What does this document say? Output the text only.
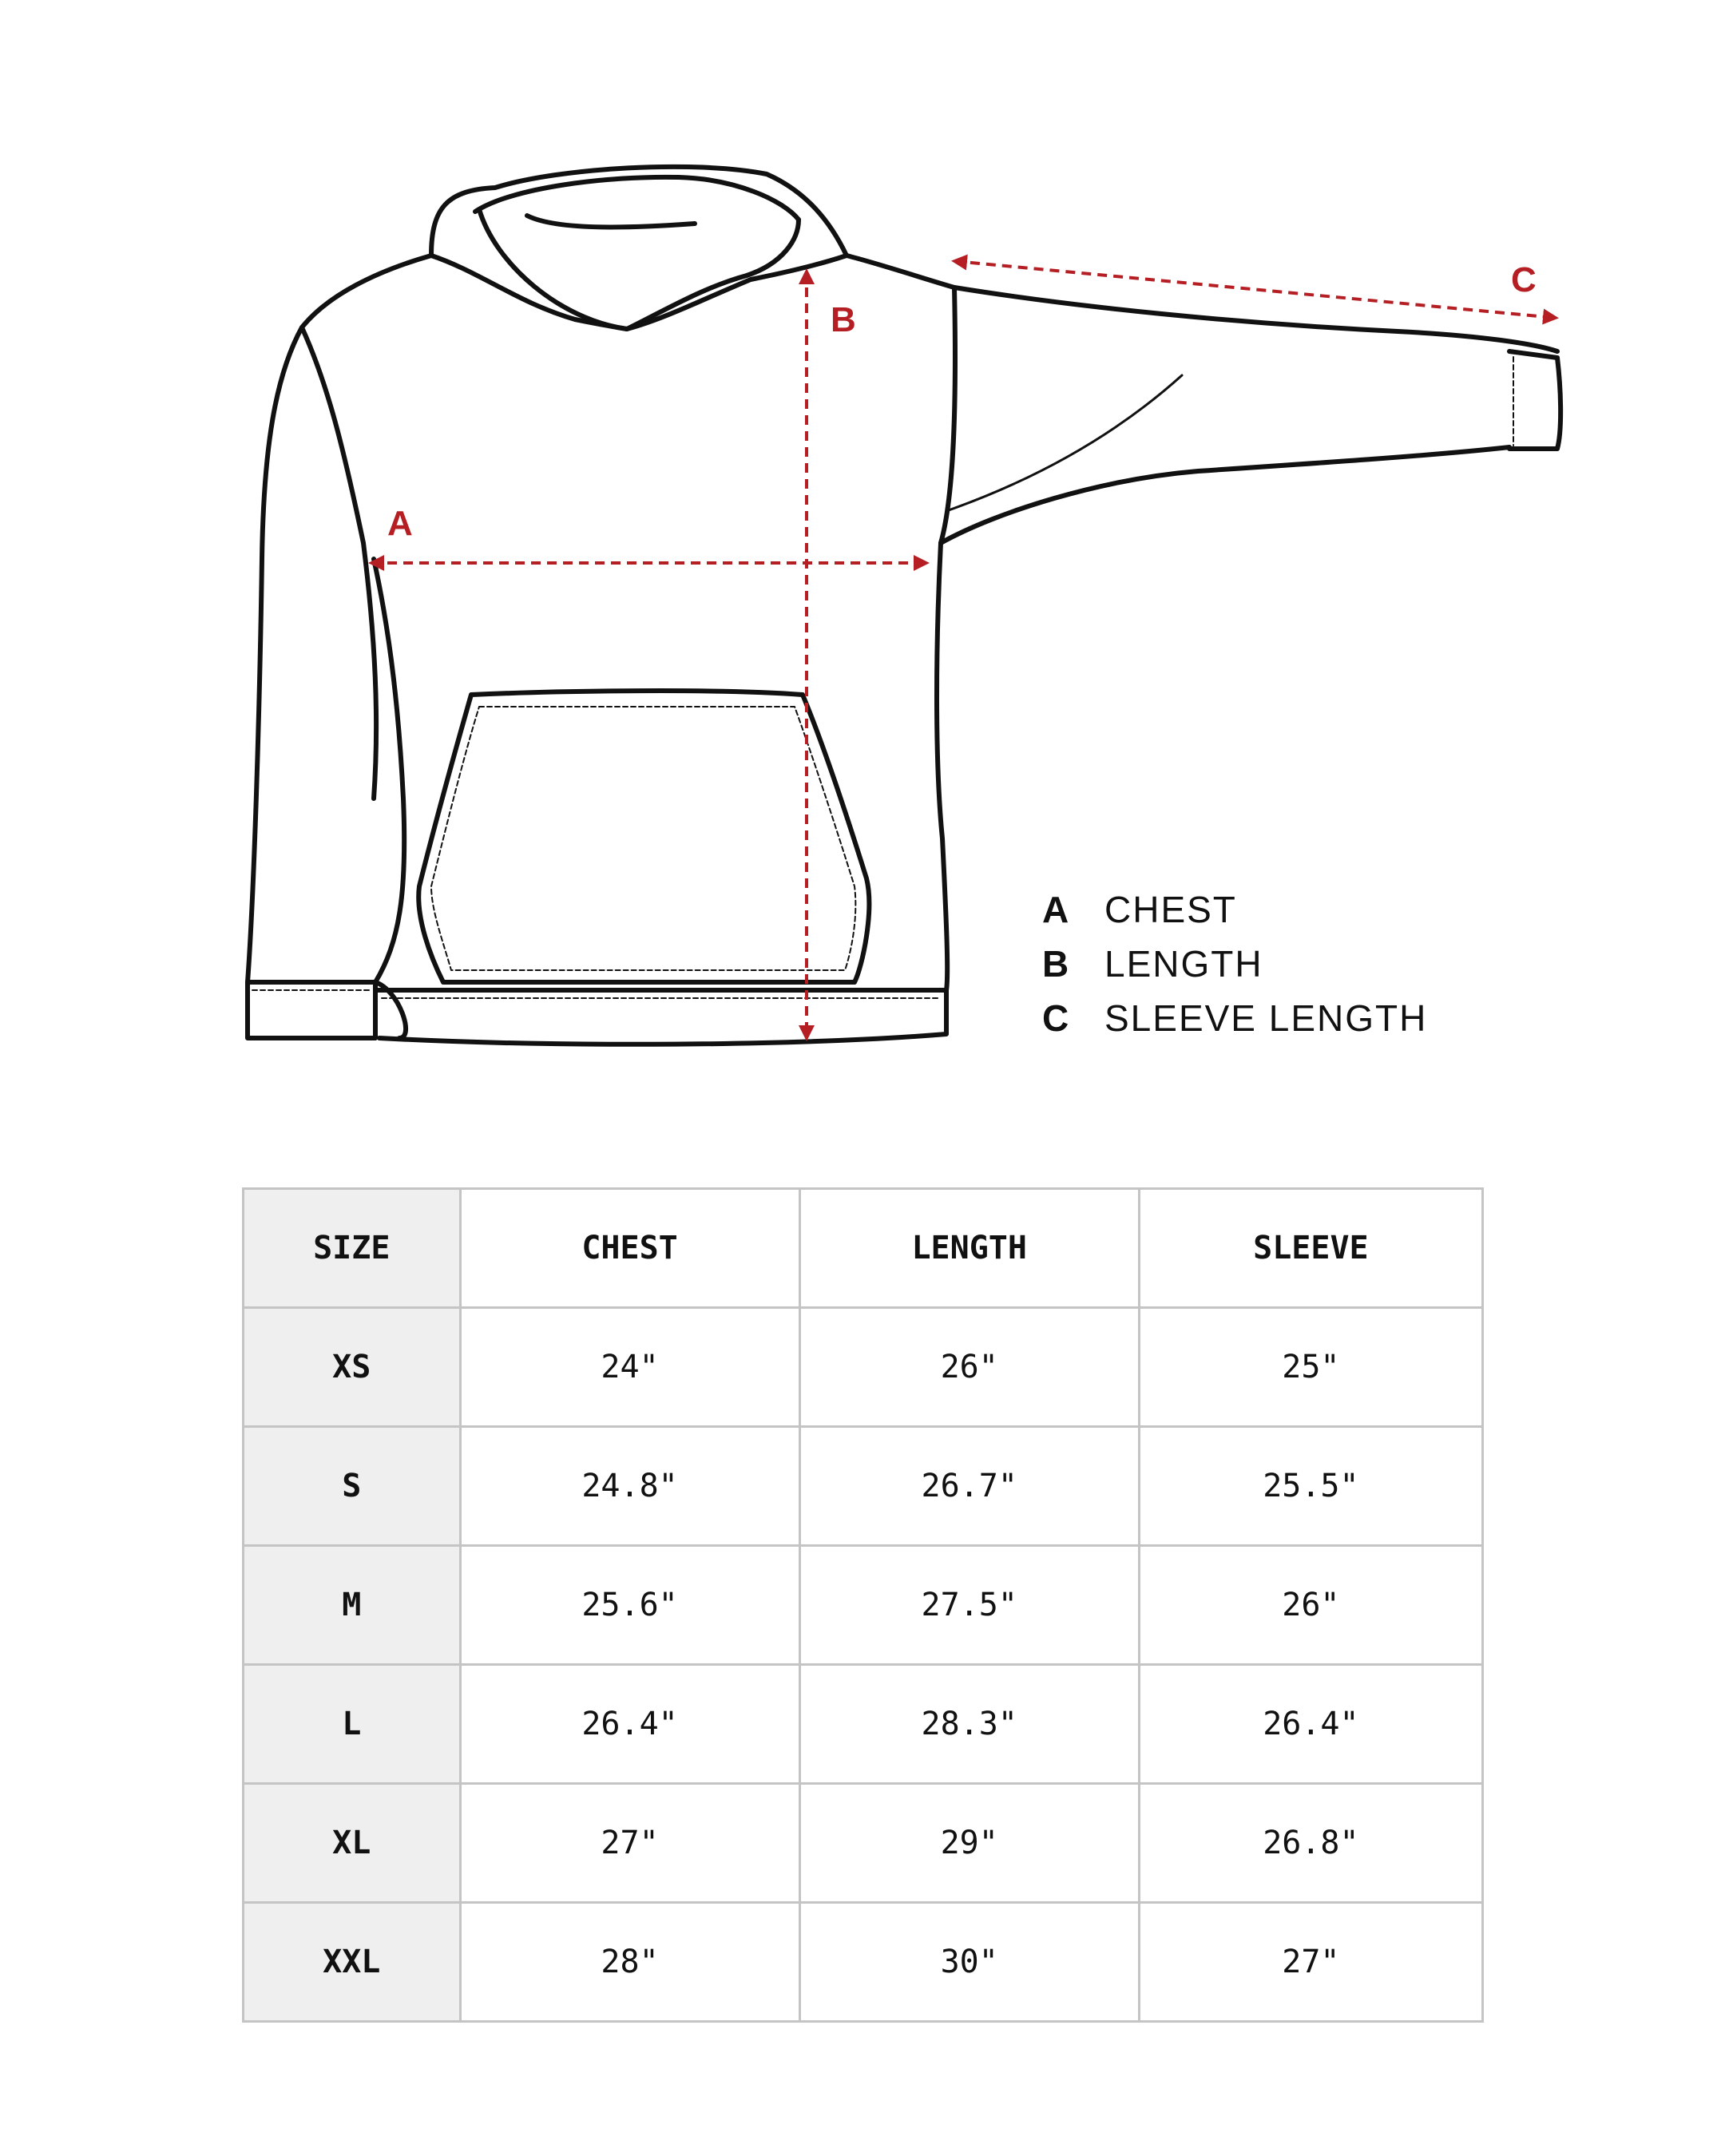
A
B
C
A CHEST
B LENGTH
C SLEEVE LENGTH
SIZE	CHEST	LENGTH	SLEEVE
XS	24"	26"	25"
S	24.8"	26.7"	25.5"
M	25.6"	27.5"	26"
L	26.4"	28.3"	26.4"
XL	27"	29"	26.8"
XXL	28"	30"	27"
